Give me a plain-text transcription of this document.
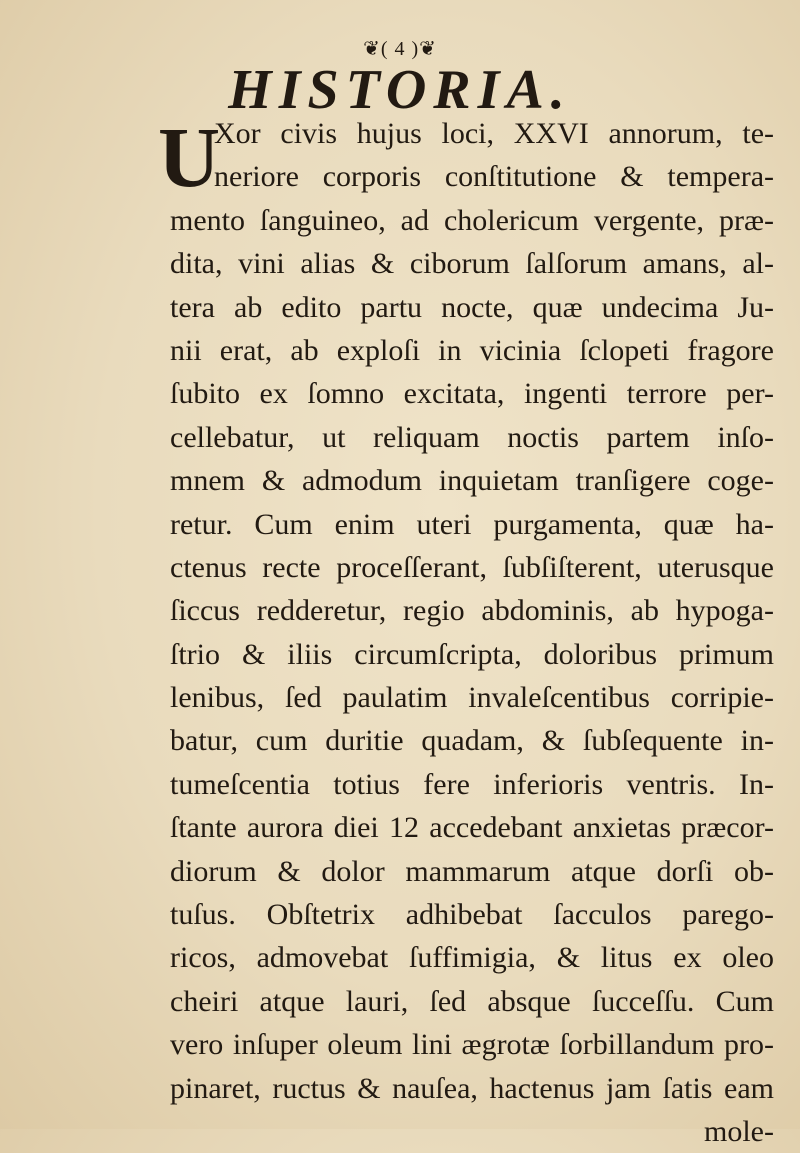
❦( 4 )❦
HISTORIA.
U
Xor civis hujus loci, XXVI annorum, te-
neriore corporis conſtitutione & tempera-
mento ſanguineo, ad cholericum vergente, præ-
dita, vini alias & ciborum ſalſorum amans, al-
tera ab edito partu nocte, quæ undecima Ju-
nii erat, ab exploſi in vicinia ſclopeti fragore
ſubito ex ſomno excitata, ingenti terrore per-
cellebatur, ut reliquam noctis partem inſo-
mnem & admodum inquietam tranſigere coge-
retur. Cum enim uteri purgamenta, quæ ha-
ctenus recte proceſſerant, ſubſiſterent, uterusque
ſiccus redderetur, regio abdominis, ab hypoga-
ſtrio & iliis circumſcripta, doloribus primum
lenibus, ſed paulatim invaleſcentibus corripie-
batur, cum duritie quadam, & ſubſequente in-
tumeſcentia totius fere inferioris ventris. In-
ſtante aurora diei 12 accedebant anxietas præcor-
diorum & dolor mammarum atque dorſi ob-
tuſus. Obſtetrix adhibebat ſacculos parego-
ricos, admovebat ſuffimigia, & litus ex oleo
cheiri atque lauri, ſed absque ſucceſſu. Cum
vero inſuper oleum lini ægrotæ ſorbillandum pro-
pinaret, ructus & nauſea, hactenus jam ſatis eam
mole-
